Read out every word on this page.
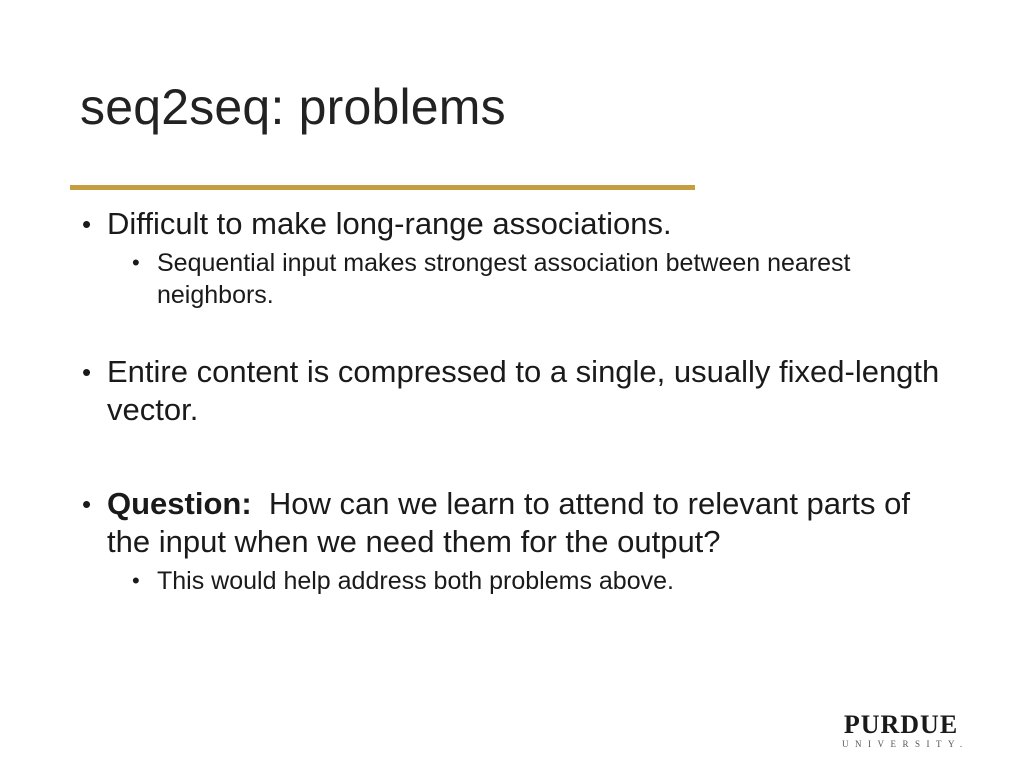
seq2seq: problems
• Difficult to make long-range associations.
• Sequential input makes strongest association between nearest neighbors.
• Entire content is compressed to a single, usually fixed-length vector.
• Question: How can we learn to attend to relevant parts of the input when we need them for the output?
• This would help address both problems above.
PURDUE
UNIVERSITY.
